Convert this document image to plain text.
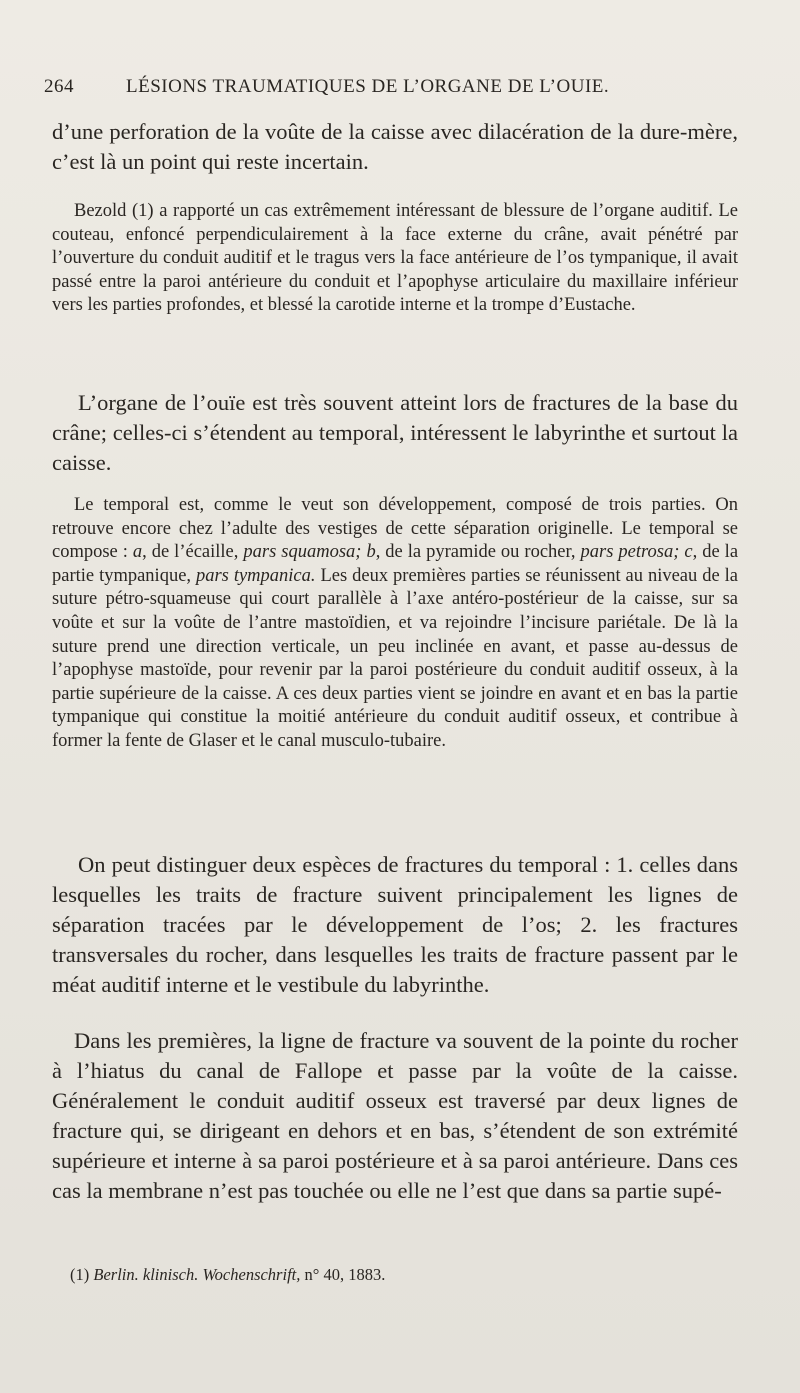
264	LÉSIONS TRAUMATIQUES DE L’ORGANE DE L’OUIE.

d’une perforation de la voûte de la caisse avec dilacération de la dure-mère, c’est là un point qui reste incertain.

Bezold (1) a rapporté un cas extrêmement intéressant de blessure de l’organe auditif. Le couteau, enfoncé perpendiculairement à la face externe du crâne, avait pénétré par l’ouverture du conduit auditif et le tragus vers la face antérieure de l’os tympanique, il avait passé entre la paroi antérieure du conduit et l’apophyse articulaire du maxillaire inférieur vers les parties profondes, et blessé la carotide interne et la trompe d’Eustache.

L’organe de l’ouïe est très souvent atteint lors de fractures de la base du crâne; celles-ci s’étendent au temporal, intéressent le labyrinthe et surtout la caisse.

Le temporal est, comme le veut son développement, composé de trois parties. On retrouve encore chez l’adulte des vestiges de cette séparation originelle. Le temporal se compose : a, de l’écaille, pars squamosa; b, de la pyramide ou rocher, pars petrosa; c, de la partie tympanique, pars tympanica. Les deux premières parties se réunissent au niveau de la suture pétro-squameuse qui court parallèle à l’axe antéro-postérieur de la caisse, sur sa voûte et sur la voûte de l’antre mastoïdien, et va rejoindre l’incisure pariétale. De là la suture prend une direction verticale, un peu inclinée en avant, et passe au-dessus de l’apophyse mastoïde, pour revenir par la paroi postérieure du conduit auditif osseux, à la partie supérieure de la caisse. A ces deux parties vient se joindre en avant et en bas la partie tympanique qui constitue la moitié antérieure du conduit auditif osseux, et contribue à former la fente de Glaser et le canal musculo-tubaire.

On peut distinguer deux espèces de fractures du temporal : 1. celles dans lesquelles les traits de fracture suivent principalement les lignes de séparation tracées par le développement de l’os; 2. les fractures transversales du rocher, dans lesquelles les traits de fracture passent par le méat auditif interne et le vestibule du labyrinthe.

Dans les premières, la ligne de fracture va souvent de la pointe du rocher à l’hiatus du canal de Fallope et passe par la voûte de la caisse. Généralement le conduit auditif osseux est traversé par deux lignes de fracture qui, se dirigeant en dehors et en bas, s’étendent de son extrémité supérieure et interne à sa paroi postérieure et à sa paroi antérieure. Dans ces cas la membrane n’est pas touchée ou elle ne l’est que dans sa partie supé-

(1) Berlin. klinisch. Wochenschrift, n° 40, 1883.
